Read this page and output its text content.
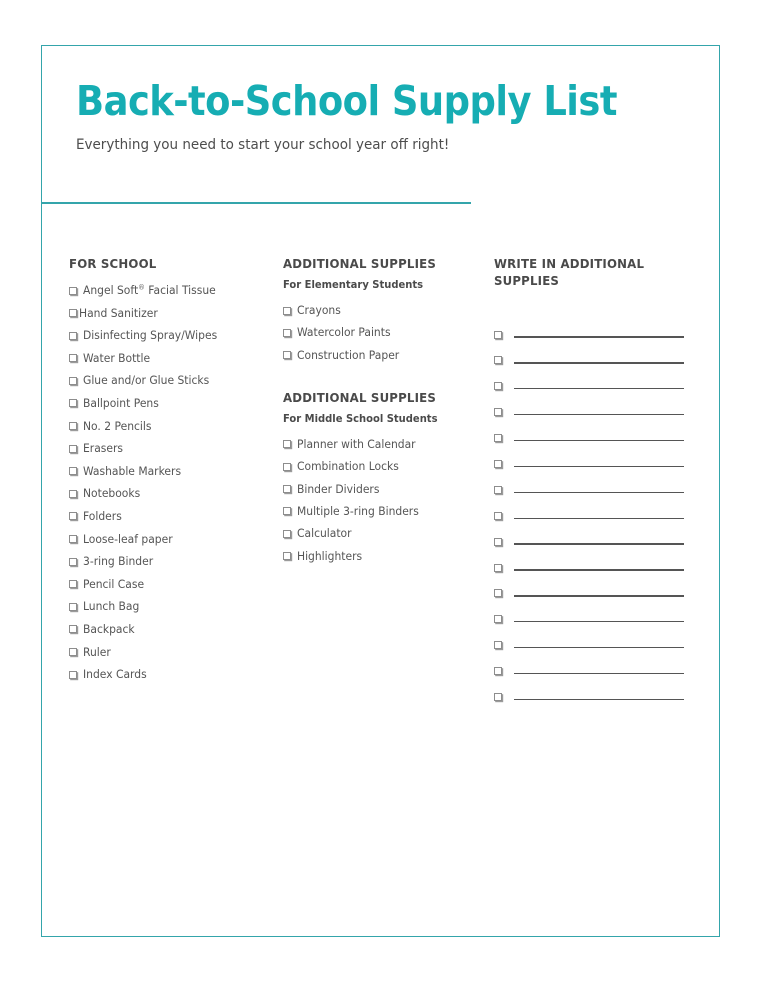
Back-to-School Supply List

Everything you need to start your school year off right!

FOR SCHOOL
Angel Soft® Facial Tissue
Hand Sanitizer
Disinfecting Spray/Wipes
Water Bottle
Glue and/or Glue Sticks
Ballpoint Pens
No. 2 Pencils
Erasers
Washable Markers
Notebooks
Folders
Loose-leaf paper
3-ring Binder
Pencil Case
Lunch Bag
Backpack
Ruler
Index Cards
ADDITIONAL SUPPLIES

For Elementary Students

Crayons
Watercolor Paints
Construction Paper
ADDITIONAL SUPPLIES

For Middle School Students

Planner with Calendar
Combination Locks
Binder Dividers
Multiple 3-ring Binders
Calculator
Highlighters
WRITE IN ADDITIONAL SUPPLIES
